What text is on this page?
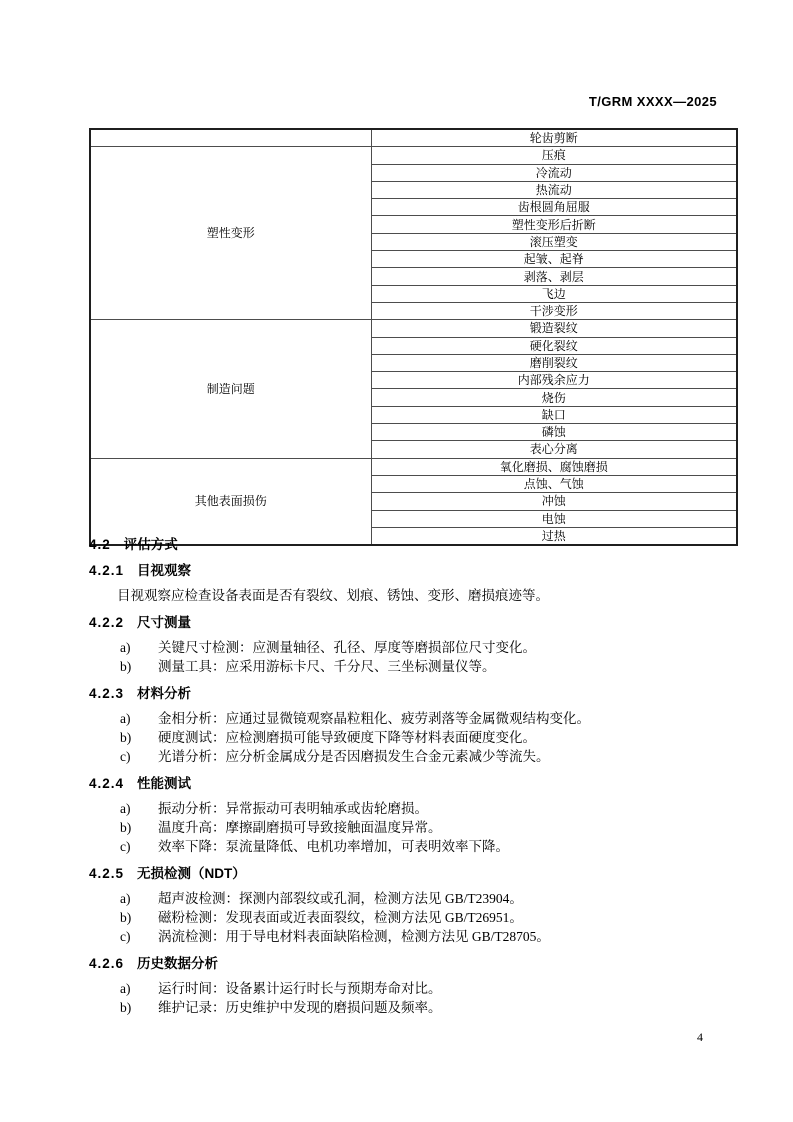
T/GRM XXXX—2025
	轮齿剪断
塑性变形	压痕
	冷流动
	热流动
	齿根圆角屈服
	塑性变形后折断
	滚压塑变
	起皱、起脊
	剥落、剥层
	飞边
	干涉变形
制造问题	锻造裂纹
	硬化裂纹
	磨削裂纹
	内部残余应力
	烧伤
	缺口
	磷蚀
	表心分离
其他表面损伤	氧化磨损、腐蚀磨损
	点蚀、气蚀
	冲蚀
	电蚀
	过热
4.2 评估方式
4.2.1 目视观察
目视观察应检查设备表面是否有裂纹、划痕、锈蚀、变形、磨损痕迹等。
4.2.2 尺寸测量
a) 关键尺寸检测：应测量轴径、孔径、厚度等磨损部位尺寸变化。
b) 测量工具：应采用游标卡尺、千分尺、三坐标测量仪等。
4.2.3 材料分析
a) 金相分析：应通过显微镜观察晶粒粗化、疲劳剥落等金属微观结构变化。
b) 硬度测试：应检测磨损可能导致硬度下降等材料表面硬度变化。
c) 光谱分析：应分析金属成分是否因磨损发生合金元素减少等流失。
4.2.4 性能测试
a) 振动分析：异常振动可表明轴承或齿轮磨损。
b) 温度升高：摩擦副磨损可导致接触面温度异常。
c) 效率下降：泵流量降低、电机功率增加，可表明效率下降。
4.2.5 无损检测（NDT）
a) 超声波检测：探测内部裂纹或孔洞，检测方法见 GB/T23904。
b) 磁粉检测：发现表面或近表面裂纹，检测方法见 GB/T26951。
c) 涡流检测：用于导电材料表面缺陷检测，检测方法见 GB/T28705。
4.2.6 历史数据分析
a) 运行时间：设备累计运行时长与预期寿命对比。
b) 维护记录：历史维护中发现的磨损问题及频率。
4
